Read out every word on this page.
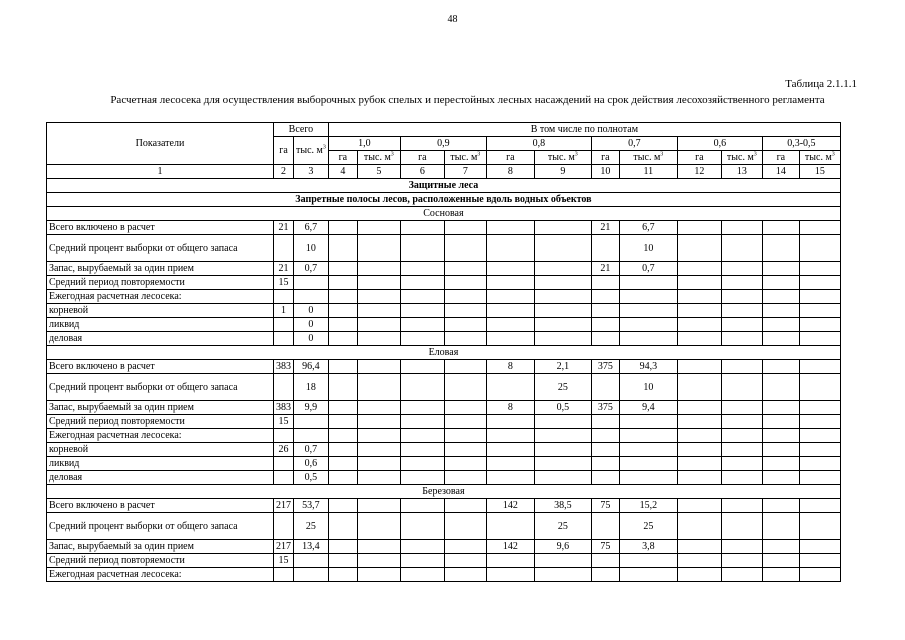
48
Таблица 2.1.1.1
Расчетная лесосека для осуществления выборочных рубок спелых и перестойных лесных насаждений на срок действия лесохозяйственного регламента
Показатели	Всего		В том числе по полнотам											
	га	тыс. $м^3$	1,0		0,9		0,8		0,7		0,6		0,3-0,5	
			га	тыс. $м^3$	га	тыс. $м^3$	га	тыс. $м^3$	га	тыс. $м^3$	га	тыс. $м^3$	га	тыс. $м^3$
1	2	3	4	5	6	7	8	9	10	11	12	13	14	15
Защитные леса														
Запретные полосы лесов, расположенные вдоль водных объектов														
Сосновая														
Всего включено в расчет	21	6,7							21	6,7				
Средний процент выборки от общего запаса		10								10				
Запас, вырубаемый за один прием	21	0,7							21	0,7				
Средний период повторяемости	15													
Ежегодная расчетная лесосека:														
корневой	1	0												
ликвид		0												
деловая		0												
Еловая														
Всего включено в расчет	383	96,4					8	2,1	375	94,3				
Средний процент выборки от общего запаса		18						25		10				
Запас, вырубаемый за один прием	383	9,9					8	0,5	375	9,4				
Средний период повторяемости	15													
Ежегодная расчетная лесосека:														
корневой	26	0,7												
ликвид		0,6												
деловая		0,5												
Березовая														
Всего включено в расчет	217	53,7					142	38,5	75	15,2				
Средний процент выборки от общего запаса		25						25		25				
Запас, вырубаемый за один прием	217	13,4					142	9,6	75	3,8				
Средний период повторяемости	15													
Ежегодная расчетная лесосека:														
